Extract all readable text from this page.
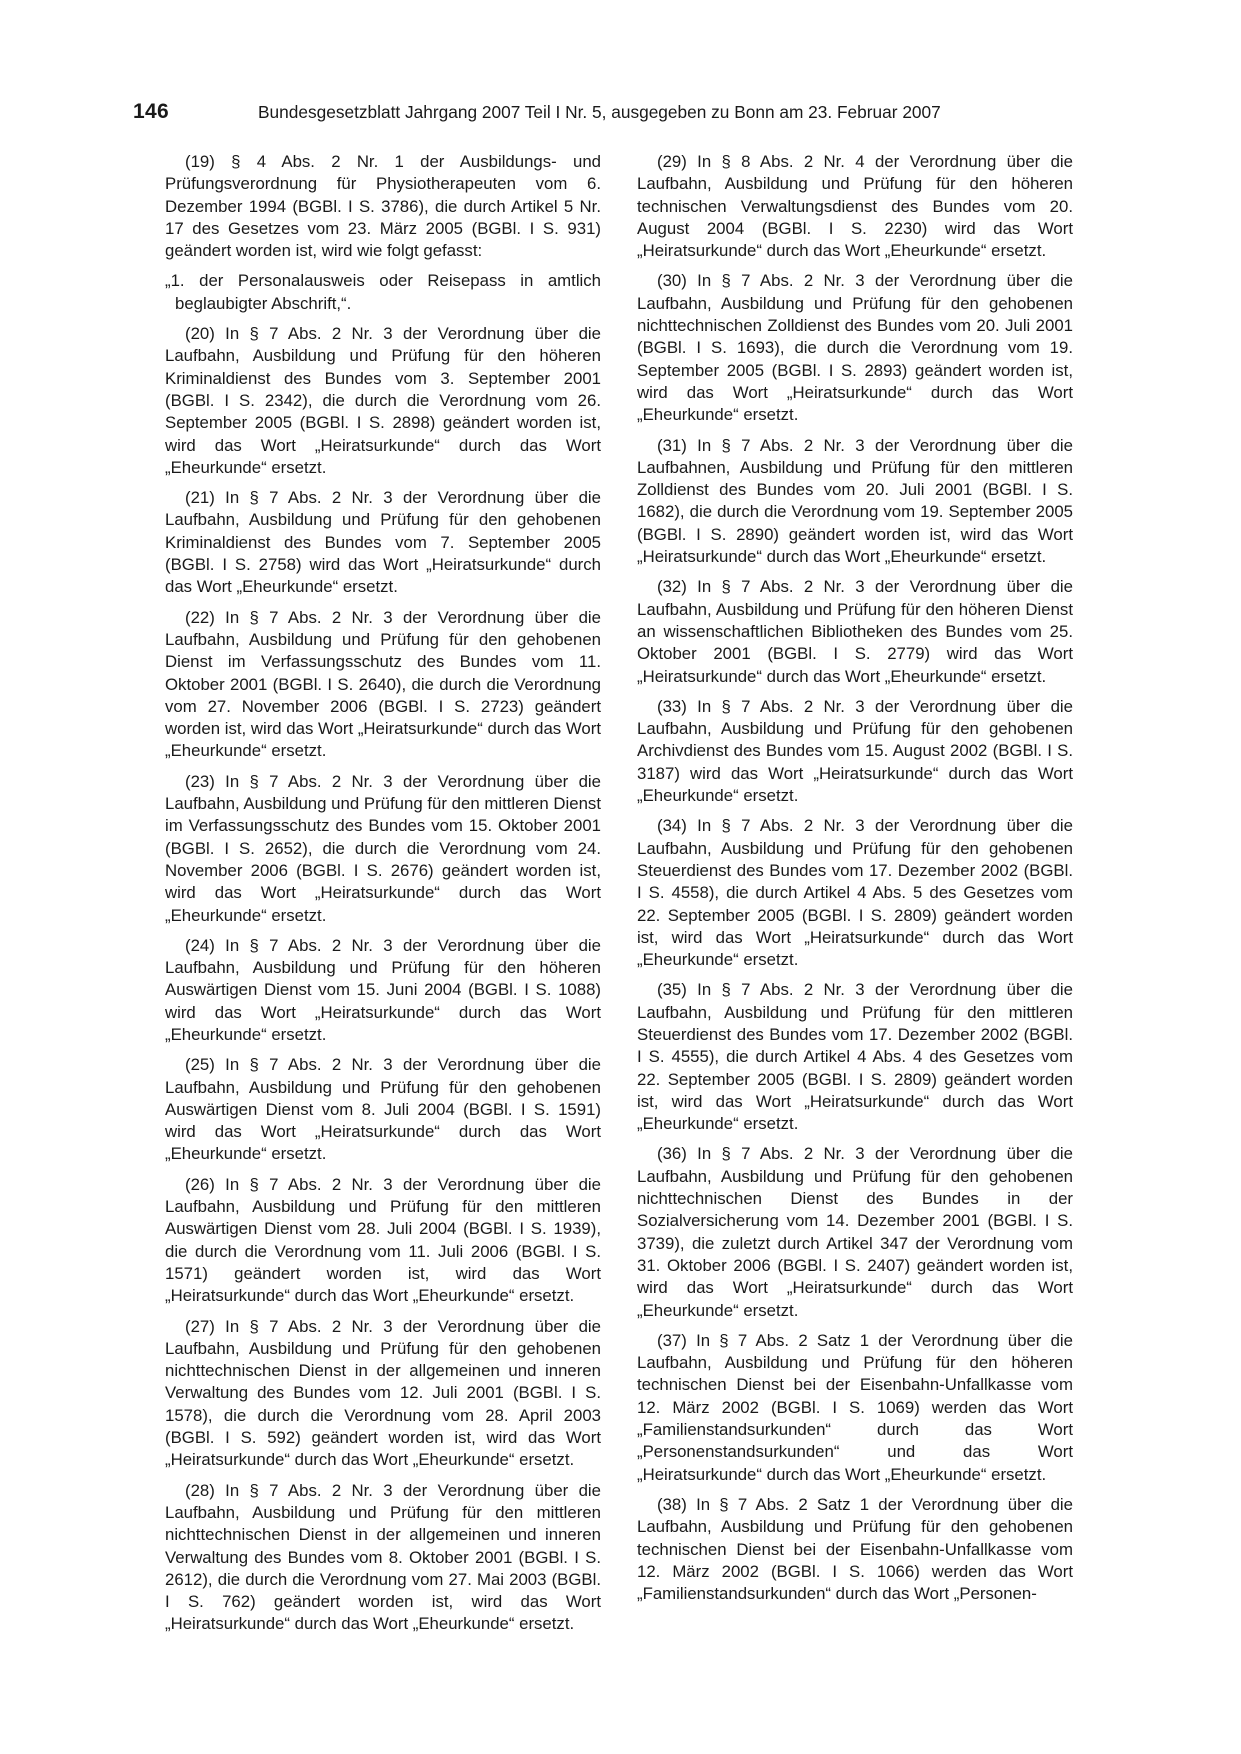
146	Bundesgesetzblatt Jahrgang 2007 Teil I Nr. 5, ausgegeben zu Bonn am 23. Februar 2007

(19) § 4 Abs. 2 Nr. 1 der Ausbildungs- und Prüfungsverordnung für Physiotherapeuten vom 6. Dezember 1994 (BGBl. I S. 3786), die durch Artikel 5 Nr. 17 des Gesetzes vom 23. März 2005 (BGBl. I S. 931) geändert worden ist, wird wie folgt gefasst:

„1. der Personalausweis oder Reisepass in amtlich beglaubigter Abschrift,“.

(20) In § 7 Abs. 2 Nr. 3 der Verordnung über die Laufbahn, Ausbildung und Prüfung für den höheren Kriminaldienst des Bundes vom 3. September 2001 (BGBl. I S. 2342), die durch die Verordnung vom 26. September 2005 (BGBl. I S. 2898) geändert worden ist, wird das Wort „Heiratsurkunde“ durch das Wort „Eheurkunde“ ersetzt.

(21) In § 7 Abs. 2 Nr. 3 der Verordnung über die Laufbahn, Ausbildung und Prüfung für den gehobenen Kriminaldienst des Bundes vom 7. September 2005 (BGBl. I S. 2758) wird das Wort „Heiratsurkunde“ durch das Wort „Eheurkunde“ ersetzt.

(22) In § 7 Abs. 2 Nr. 3 der Verordnung über die Laufbahn, Ausbildung und Prüfung für den gehobenen Dienst im Verfassungsschutz des Bundes vom 11. Oktober 2001 (BGBl. I S. 2640), die durch die Verordnung vom 27. November 2006 (BGBl. I S. 2723) geändert worden ist, wird das Wort „Heiratsurkunde“ durch das Wort „Eheurkunde“ ersetzt.

(23) In § 7 Abs. 2 Nr. 3 der Verordnung über die Laufbahn, Ausbildung und Prüfung für den mittleren Dienst im Verfassungsschutz des Bundes vom 15. Oktober 2001 (BGBl. I S. 2652), die durch die Verordnung vom 24. November 2006 (BGBl. I S. 2676) geändert worden ist, wird das Wort „Heiratsurkunde“ durch das Wort „Eheurkunde“ ersetzt.

(24) In § 7 Abs. 2 Nr. 3 der Verordnung über die Laufbahn, Ausbildung und Prüfung für den höheren Auswärtigen Dienst vom 15. Juni 2004 (BGBl. I S. 1088) wird das Wort „Heiratsurkunde“ durch das Wort „Eheurkunde“ ersetzt.

(25) In § 7 Abs. 2 Nr. 3 der Verordnung über die Laufbahn, Ausbildung und Prüfung für den gehobenen Auswärtigen Dienst vom 8. Juli 2004 (BGBl. I S. 1591) wird das Wort „Heiratsurkunde“ durch das Wort „Eheurkunde“ ersetzt.

(26) In § 7 Abs. 2 Nr. 3 der Verordnung über die Laufbahn, Ausbildung und Prüfung für den mittleren Auswärtigen Dienst vom 28. Juli 2004 (BGBl. I S. 1939), die durch die Verordnung vom 11. Juli 2006 (BGBl. I S. 1571) geändert worden ist, wird das Wort „Heiratsurkunde“ durch das Wort „Eheurkunde“ ersetzt.

(27) In § 7 Abs. 2 Nr. 3 der Verordnung über die Laufbahn, Ausbildung und Prüfung für den gehobenen nichttechnischen Dienst in der allgemeinen und inneren Verwaltung des Bundes vom 12. Juli 2001 (BGBl. I S. 1578), die durch die Verordnung vom 28. April 2003 (BGBl. I S. 592) geändert worden ist, wird das Wort „Heiratsurkunde“ durch das Wort „Eheurkunde“ ersetzt.

(28) In § 7 Abs. 2 Nr. 3 der Verordnung über die Laufbahn, Ausbildung und Prüfung für den mittleren nichttechnischen Dienst in der allgemeinen und inneren Verwaltung des Bundes vom 8. Oktober 2001 (BGBl. I S. 2612), die durch die Verordnung vom 27. Mai 2003 (BGBl. I S. 762) geändert worden ist, wird das Wort „Heiratsurkunde“ durch das Wort „Eheurkunde“ ersetzt.

(29) In § 8 Abs. 2 Nr. 4 der Verordnung über die Laufbahn, Ausbildung und Prüfung für den höheren technischen Verwaltungsdienst des Bundes vom 20. August 2004 (BGBl. I S. 2230) wird das Wort „Heiratsurkunde“ durch das Wort „Eheurkunde“ ersetzt.

(30) In § 7 Abs. 2 Nr. 3 der Verordnung über die Laufbahn, Ausbildung und Prüfung für den gehobenen nichttechnischen Zolldienst des Bundes vom 20. Juli 2001 (BGBl. I S. 1693), die durch die Verordnung vom 19. September 2005 (BGBl. I S. 2893) geändert worden ist, wird das Wort „Heiratsurkunde“ durch das Wort „Eheurkunde“ ersetzt.

(31) In § 7 Abs. 2 Nr. 3 der Verordnung über die Laufbahnen, Ausbildung und Prüfung für den mittleren Zolldienst des Bundes vom 20. Juli 2001 (BGBl. I S. 1682), die durch die Verordnung vom 19. September 2005 (BGBl. I S. 2890) geändert worden ist, wird das Wort „Heiratsurkunde“ durch das Wort „Eheurkunde“ ersetzt.

(32) In § 7 Abs. 2 Nr. 3 der Verordnung über die Laufbahn, Ausbildung und Prüfung für den höheren Dienst an wissenschaftlichen Bibliotheken des Bundes vom 25. Oktober 2001 (BGBl. I S. 2779) wird das Wort „Heiratsurkunde“ durch das Wort „Eheurkunde“ ersetzt.

(33) In § 7 Abs. 2 Nr. 3 der Verordnung über die Laufbahn, Ausbildung und Prüfung für den gehobenen Archivdienst des Bundes vom 15. August 2002 (BGBl. I S. 3187) wird das Wort „Heiratsurkunde“ durch das Wort „Eheurkunde“ ersetzt.

(34) In § 7 Abs. 2 Nr. 3 der Verordnung über die Laufbahn, Ausbildung und Prüfung für den gehobenen Steuerdienst des Bundes vom 17. Dezember 2002 (BGBl. I S. 4558), die durch Artikel 4 Abs. 5 des Gesetzes vom 22. September 2005 (BGBl. I S. 2809) geändert worden ist, wird das Wort „Heiratsurkunde“ durch das Wort „Eheurkunde“ ersetzt.

(35) In § 7 Abs. 2 Nr. 3 der Verordnung über die Laufbahn, Ausbildung und Prüfung für den mittleren Steuerdienst des Bundes vom 17. Dezember 2002 (BGBl. I S. 4555), die durch Artikel 4 Abs. 4 des Gesetzes vom 22. September 2005 (BGBl. I S. 2809) geändert worden ist, wird das Wort „Heiratsurkunde“ durch das Wort „Eheurkunde“ ersetzt.

(36) In § 7 Abs. 2 Nr. 3 der Verordnung über die Laufbahn, Ausbildung und Prüfung für den gehobenen nichttechnischen Dienst des Bundes in der Sozialversicherung vom 14. Dezember 2001 (BGBl. I S. 3739), die zuletzt durch Artikel 347 der Verordnung vom 31. Oktober 2006 (BGBl. I S. 2407) geändert worden ist, wird das Wort „Heiratsurkunde“ durch das Wort „Eheurkunde“ ersetzt.

(37) In § 7 Abs. 2 Satz 1 der Verordnung über die Laufbahn, Ausbildung und Prüfung für den höheren technischen Dienst bei der Eisenbahn-Unfallkasse vom 12. März 2002 (BGBl. I S. 1069) werden das Wort „Familienstandsurkunden“ durch das Wort „Personenstandsurkunden“ und das Wort „Heiratsurkunde“ durch das Wort „Eheurkunde“ ersetzt.

(38) In § 7 Abs. 2 Satz 1 der Verordnung über die Laufbahn, Ausbildung und Prüfung für den gehobenen technischen Dienst bei der Eisenbahn-Unfallkasse vom 12. März 2002 (BGBl. I S. 1066) werden das Wort „Familienstandsurkunden“ durch das Wort „Personen-
